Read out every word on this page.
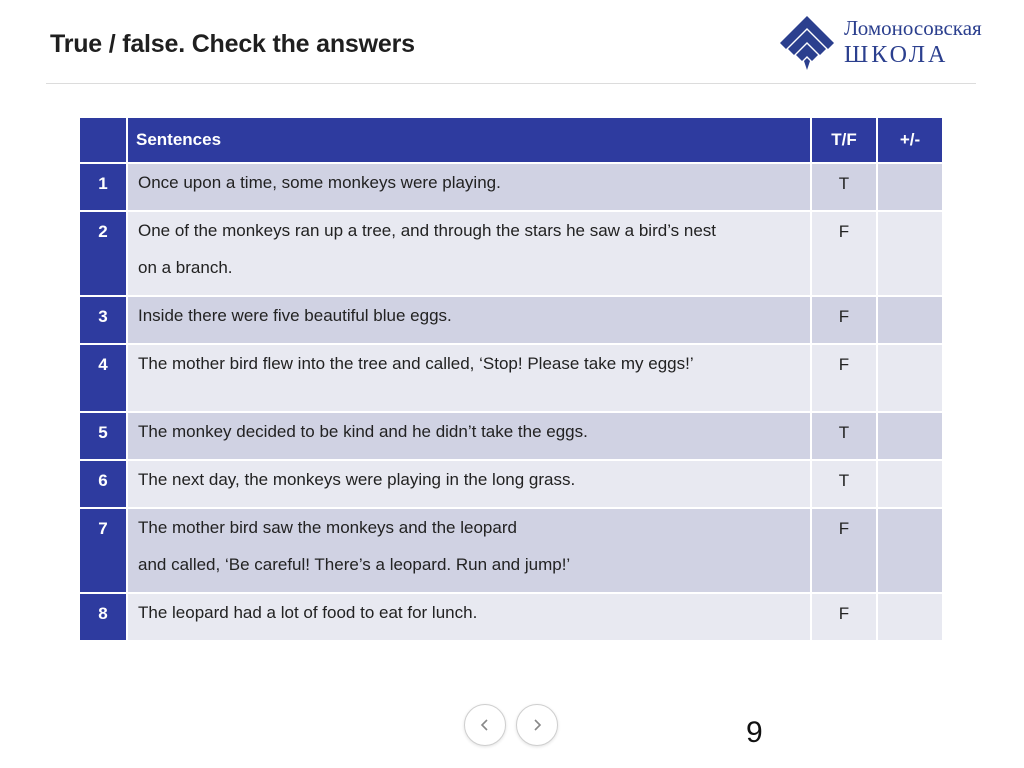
True / false. Check the answers
Ломоносовская
ШКОЛА
	Sentences	T/F	+/-
1	Once upon a time, some monkeys were playing.	T	
2	One of the monkeys ran up a tree, and through the stars he saw a bird’s nest
on a branch.	F	
3	Inside there were five beautiful blue eggs.	F	
4	The mother bird flew into the tree and called, ‘Stop! Please take my eggs!’	F	
5	The monkey decided to be kind and he didn’t take the eggs.	T	
6	The next day, the monkeys were playing in the long grass.	T	
7	The mother bird saw the monkeys and the leopard
and called, ‘Be careful! There’s a leopard. Run and jump!’	F	
8	The leopard had a lot of food to eat for lunch.	F	
9
